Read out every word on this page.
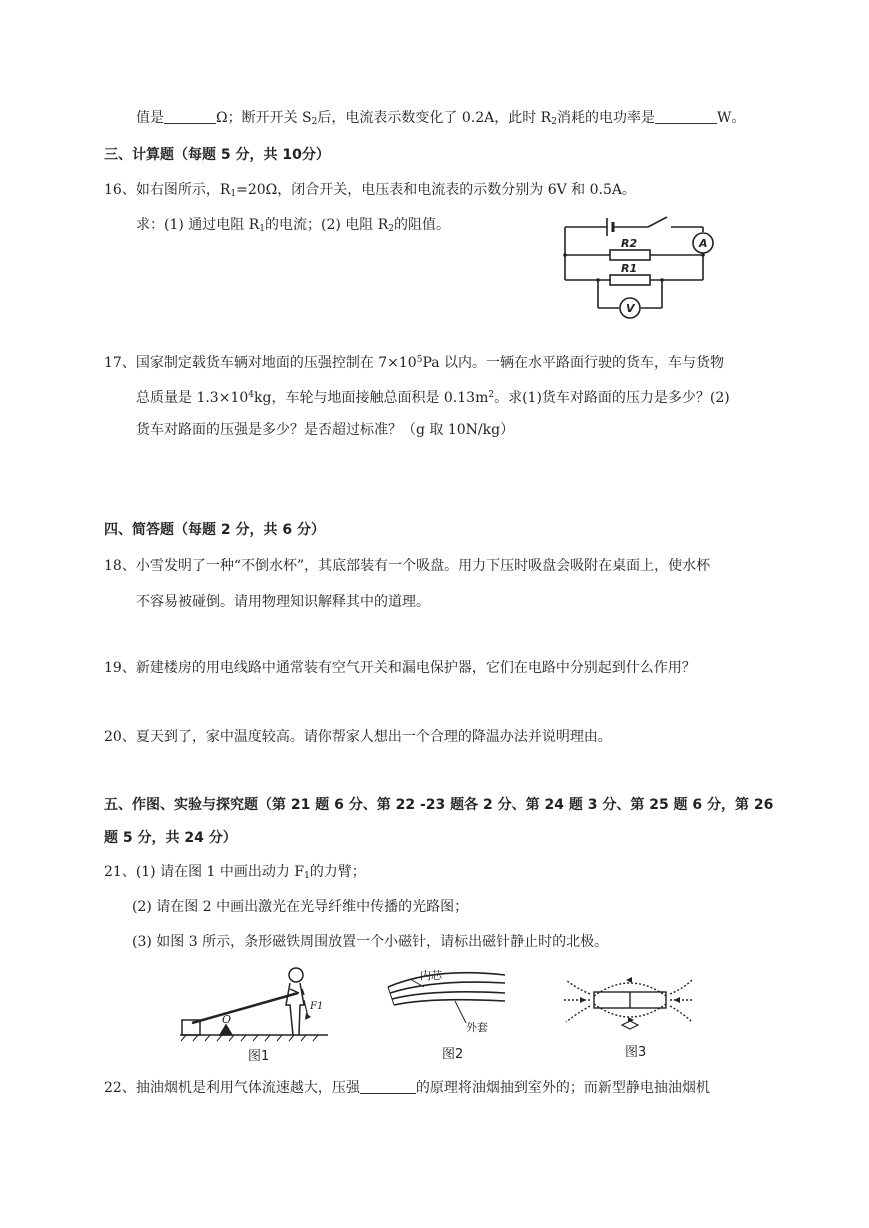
值是	Ω；断开开关 $S_2$后，电流表示数变化了 0.2A，此时 $R_2$消耗的电功率是	W。
三、计算题（每题 5 分，共 10分）
16、如右图所示，$R_1=20\Omega$，闭合开关，电压表和电流表的示数分别为 6V 和 0.5A。
求：(1) 通过电阻 $R_1$的电流；(2) 电阻 $R_2$的阻值。
R2
R1
A
V
17、国家制定载货车辆对地面的压强控制在 $7\times 10^5Pa$ 以内。一辆在水平路面行驶的货车，车与货物
总质量是 $1.3\times 10^4kg$，车轮与地面接触总面积是 $0.13m^2$。求(1)货车对路面的压力是多少？(2)
货车对路面的压强是多少？是否超过标准？（g 取 10N/kg）
四、简答题（每题 2 分，共 6 分）
18、小雪发明了一种“不倒水杯”，其底部装有一个吸盘。用力下压时吸盘会吸附在桌面上，使水杯
不容易被碰倒。请用物理知识解释其中的道理。
19、新建楼房的用电线路中通常装有空气开关和漏电保护器，它们在电路中分别起到什么作用？
20、夏天到了，家中温度较高。请你帮家人想出一个合理的降温办法并说明理由。
五、作图、实验与探究题（第 21 题 6 分、第 22 -23 题各 2 分、第 24 题 3 分、第 25 题 6 分，第 26
题 5 分，共 24 分）
21、(1) 请在图 1 中画出动力 $F_1$的力臂；
(2) 请在图 2 中画出激光在光导纤维中传播的光路图；
(3) 如图 3 所示，条形磁铁周围放置一个小磁针，请标出磁针静止时的北极。
O
F1
图1
内芯
外套
图2	图3
22、抽油烟机是利用气体流速越大，压强	的原理将油烟抽到室外的；而新型静电抽油烟机
